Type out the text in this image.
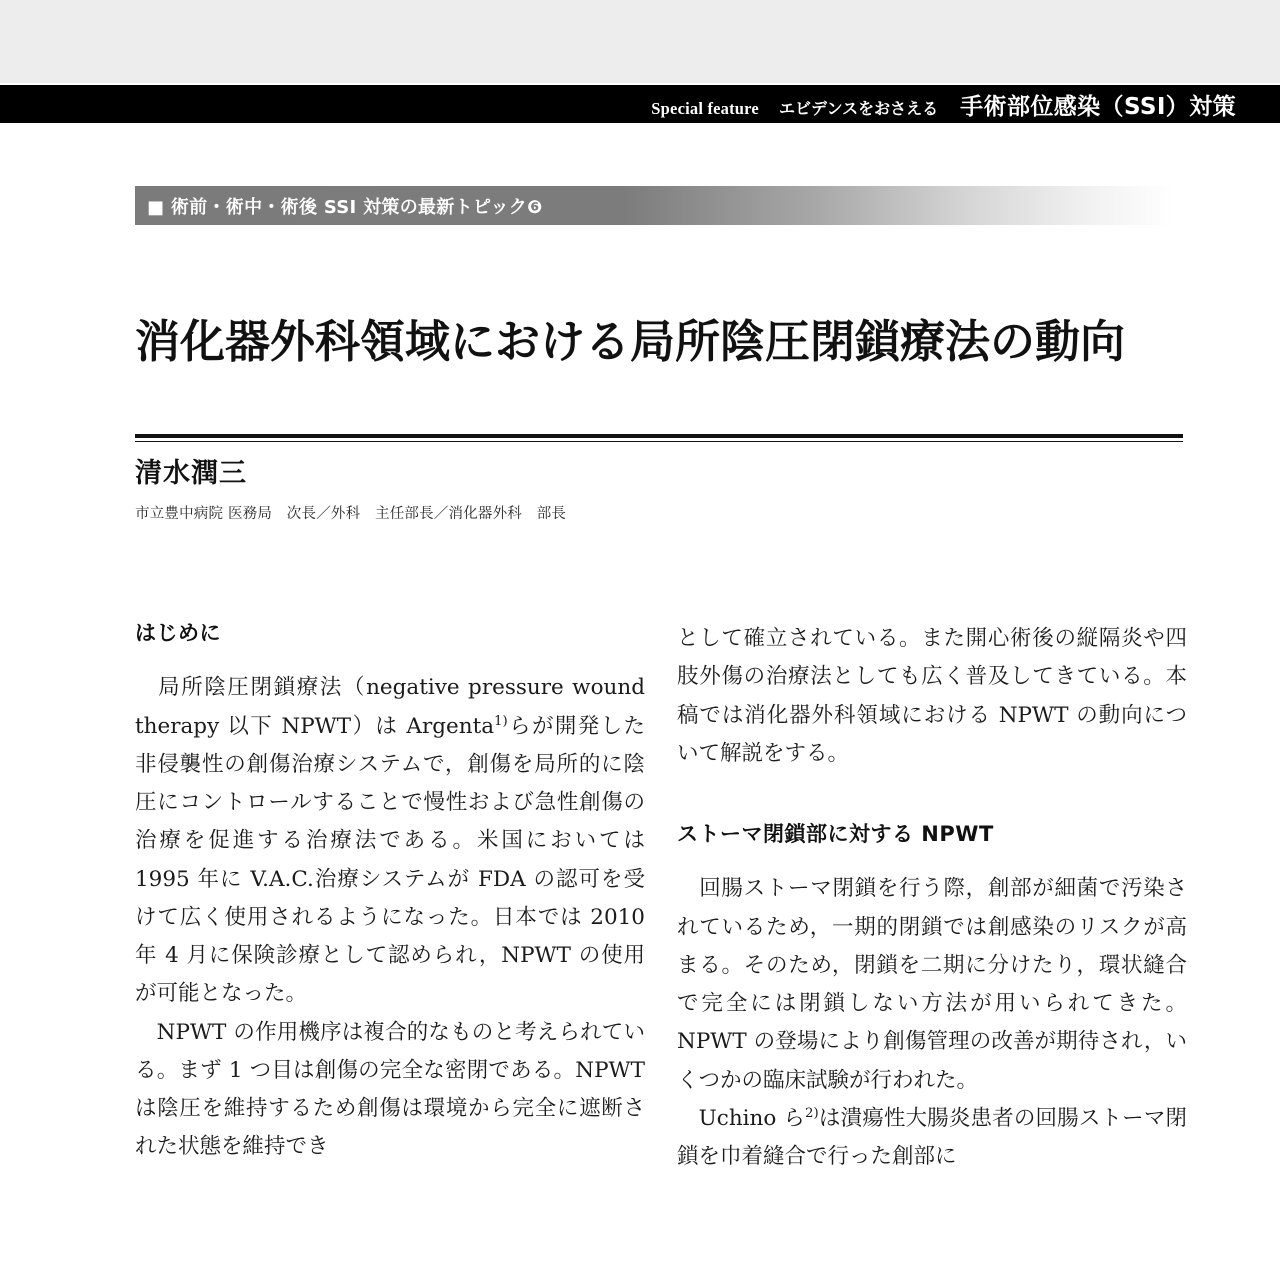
Special feature エビデンスをおさえる 手術部位感染（SSI）対策
■ 術前・術中・術後 SSI 対策の最新トピック❻
消化器外科領域における局所陰圧閉鎖療法の動向
清水潤三
市立豊中病院 医務局　次長／外科　主任部長／消化器外科　部長
はじめに

局所陰圧閉鎖療法（negative pressure wound therapy 以下 NPWT）は Argenta$^{1)}$らが開発した非侵襲性の創傷治療システムで，創傷を局所的に陰圧にコントロールすることで慢性および急性創傷の治療を促進する治療法である。米国においては 1995 年に V.A.C.治療システムが FDA の認可を受けて広く使用されるようになった。日本では 2010 年 4 月に保険診療として認められ，NPWT の使用が可能となった。

NPWT の作用機序は複合的なものと考えられている。まず 1 つ目は創傷の完全な密閉である。NPWT は陰圧を維持するため創傷は環境から完全に遮断された状態を維持でき

として確立されている。また開心術後の縦隔炎や四肢外傷の治療法としても広く普及してきている。本稿では消化器外科領域における NPWT の動向について解説をする。

ストーマ閉鎖部に対する NPWT

回腸ストーマ閉鎖を行う際，創部が細菌で汚染されているため，一期的閉鎖では創感染のリスクが高まる。そのため，閉鎖を二期に分けたり，環状縫合で完全には閉鎖しない方法が用いられてきた。NPWT の登場により創傷管理の改善が期待され，いくつかの臨床試験が行われた。

Uchino ら$^{2)}$は潰瘍性大腸炎患者の回腸ストーマ閉鎖を巾着縫合で行った創部に
